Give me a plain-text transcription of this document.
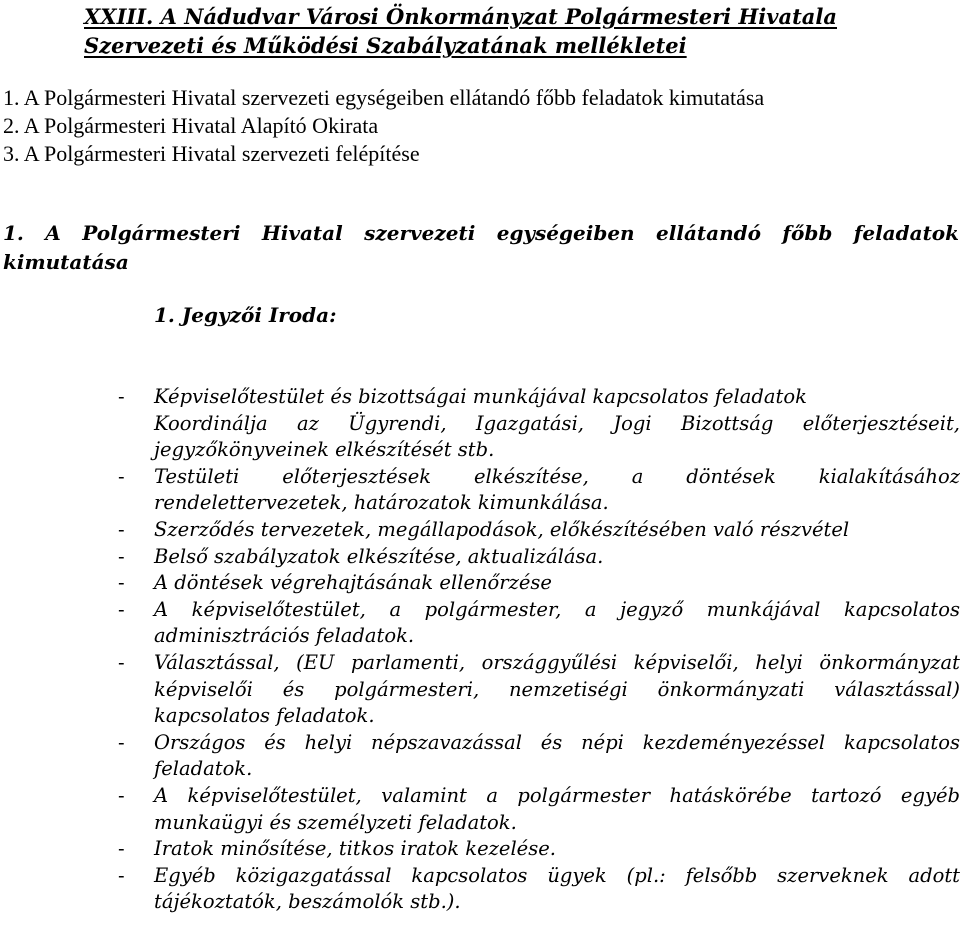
XXIII. A Nádudvar Városi Önkormányzat Polgármesteri Hivatala Szervezeti és Működési Szabályzatának mellékletei
1. A Polgármesteri Hivatal szervezeti egységeiben ellátandó főbb feladatok kimutatása
2. A Polgármesteri Hivatal Alapító Okirata
3. A Polgármesteri Hivatal szervezeti felépítése
1. A Polgármesteri Hivatal szervezeti egységeiben ellátandó főbb feladatok kimutatása
1. Jegyzői Iroda:
- Képviselőtestület és bizottságai munkájával kapcsolatos feladatok
Koordinálja az Ügyrendi, Igazgatási, Jogi Bizottság előterjesztéseit, jegyzőkönyveinek elkészítését stb.
- Testületi előterjesztések elkészítése, a döntések kialakításához rendelettervezetek, határozatok kimunkálása.
- Szerződés tervezetek, megállapodások, előkészítésében való részvétel
- Belső szabályzatok elkészítése, aktualizálása.
- A döntések végrehajtásának ellenőrzése
- A képviselőtestület, a polgármester, a jegyző munkájával kapcsolatos adminisztrációs feladatok.
- Választással, (EU parlamenti, országgyűlési képviselői, helyi önkormányzat képviselői és polgármesteri, nemzetiségi önkormányzati választással) kapcsolatos feladatok.
- Országos és helyi népszavazással és népi kezdeményezéssel kapcsolatos feladatok.
- A képviselőtestület, valamint a polgármester hatáskörébe tartozó egyéb munkaügyi és személyzeti feladatok.
- Iratok minősítése, titkos iratok kezelése.
- Egyéb közigazgatással kapcsolatos ügyek (pl.: felsőbb szerveknek adott tájékoztatók, beszámolók stb.).
